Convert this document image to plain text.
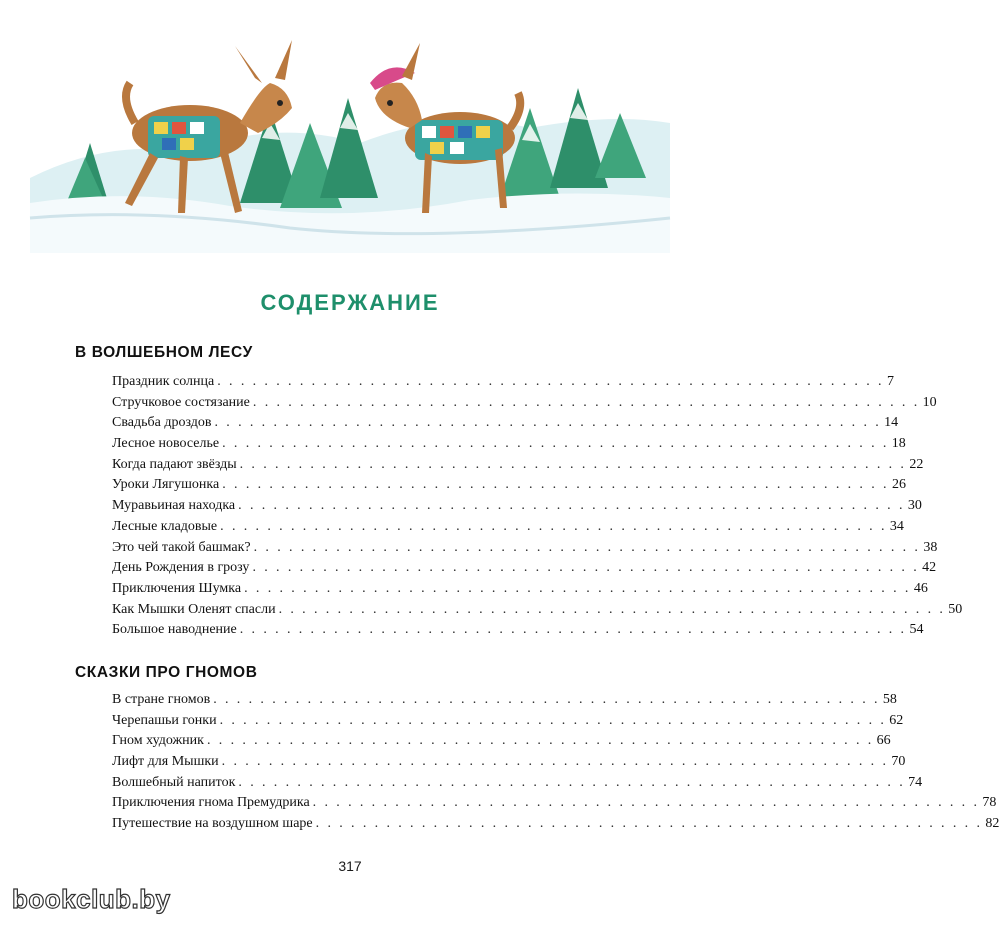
СОДЕРЖАНИЕ
В ВОЛШЕБНОМ ЛЕСУ
Праздник солнца . . . . . . . . . . . . . . . . . . . . . . . . . . . . . . . . . . . . . . . . . . . . . . . . . . . . . . . . . 7
Стручковое состязание . . . . . . . . . . . . . . . . . . . . . . . . . . . . . . . . . . . . . . . . . . . . . . . . . . . . . . . . . 10
Свадьба дроздов . . . . . . . . . . . . . . . . . . . . . . . . . . . . . . . . . . . . . . . . . . . . . . . . . . . . . . . . . 14
Лесное новоселье . . . . . . . . . . . . . . . . . . . . . . . . . . . . . . . . . . . . . . . . . . . . . . . . . . . . . . . . . 18
Когда падают звёзды . . . . . . . . . . . . . . . . . . . . . . . . . . . . . . . . . . . . . . . . . . . . . . . . . . . . . . . . . 22
Уроки Лягушонка . . . . . . . . . . . . . . . . . . . . . . . . . . . . . . . . . . . . . . . . . . . . . . . . . . . . . . . . . 26
Муравьиная находка . . . . . . . . . . . . . . . . . . . . . . . . . . . . . . . . . . . . . . . . . . . . . . . . . . . . . . . . . 30
Лесные кладовые . . . . . . . . . . . . . . . . . . . . . . . . . . . . . . . . . . . . . . . . . . . . . . . . . . . . . . . . . 34
Это чей такой башмак? . . . . . . . . . . . . . . . . . . . . . . . . . . . . . . . . . . . . . . . . . . . . . . . . . . . . . . . . . 38
День Рождения в грозу . . . . . . . . . . . . . . . . . . . . . . . . . . . . . . . . . . . . . . . . . . . . . . . . . . . . . . . . . 42
Приключения Шумка . . . . . . . . . . . . . . . . . . . . . . . . . . . . . . . . . . . . . . . . . . . . . . . . . . . . . . . . . 46
Как Мышки Оленят спасли . . . . . . . . . . . . . . . . . . . . . . . . . . . . . . . . . . . . . . . . . . . . . . . . . . . . . . . . . 50
Большое наводнение . . . . . . . . . . . . . . . . . . . . . . . . . . . . . . . . . . . . . . . . . . . . . . . . . . . . . . . . . 54
СКАЗКИ ПРО ГНОМОВ
В стране гномов . . . . . . . . . . . . . . . . . . . . . . . . . . . . . . . . . . . . . . . . . . . . . . . . . . . . . . . . . 58
Черепашьи гонки . . . . . . . . . . . . . . . . . . . . . . . . . . . . . . . . . . . . . . . . . . . . . . . . . . . . . . . . . 62
Гном художник . . . . . . . . . . . . . . . . . . . . . . . . . . . . . . . . . . . . . . . . . . . . . . . . . . . . . . . . . 66
Лифт для Мышки . . . . . . . . . . . . . . . . . . . . . . . . . . . . . . . . . . . . . . . . . . . . . . . . . . . . . . . . . 70
Волшебный напиток . . . . . . . . . . . . . . . . . . . . . . . . . . . . . . . . . . . . . . . . . . . . . . . . . . . . . . . . . 74
Приключения гнома Премудрика . . . . . . . . . . . . . . . . . . . . . . . . . . . . . . . . . . . . . . . . . . . . . . . . . . . . . . . . . 78
Путешествие на воздушном шаре . . . . . . . . . . . . . . . . . . . . . . . . . . . . . . . . . . . . . . . . . . . . . . . . . . . . . . . . . 82
317
bookclub.by
